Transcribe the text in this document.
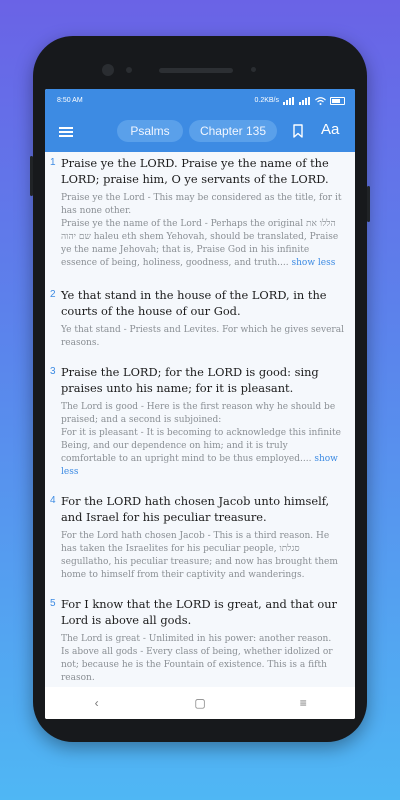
8:50 AM	0.2KB/s
Psalms	Chapter 135	Aa
1 Praise ye the LORD. Praise ye the name of the LORD; praise him, O ye servants of the LORD.
Praise ye the Lord - This may be considered as the title, for it has none other.
Praise ye the name of the Lord - Perhaps the original הללו את שם יהוה haleu eth shem Yehovah, should be translated, Praise ye the name Jehovah; that is, Praise God in his infinite essence of being, holiness, goodness, and truth.... show less
2 Ye that stand in the house of the LORD, in the courts of the house of our God.
Ye that stand - Priests and Levites. For which he gives several reasons.
3 Praise the LORD; for the LORD is good: sing praises unto his name; for it is pleasant.
The Lord is good - Here is the first reason why he should be praised; and a second is subjoined:
For it is pleasant - It is becoming to acknowledge this infinite Being, and our dependence on him; and it is truly comfortable to an upright mind to be thus employed.... show less
4 For the LORD hath chosen Jacob unto himself, and Israel for his peculiar treasure.
For the Lord hath chosen Jacob - This is a third reason. He has taken the Israelites for his peculiar people, סגלתו segullatho, his peculiar treasure; and now has brought them home to himself from their captivity and wanderings.
5 For I know that the LORD is great, and that our Lord is above all gods.
The Lord is great - Unlimited in his power: another reason.
Is above all gods - Every class of being, whether idolized or not; because he is the Fountain of existence. This is a fifth reason.
‹	▢	≡
